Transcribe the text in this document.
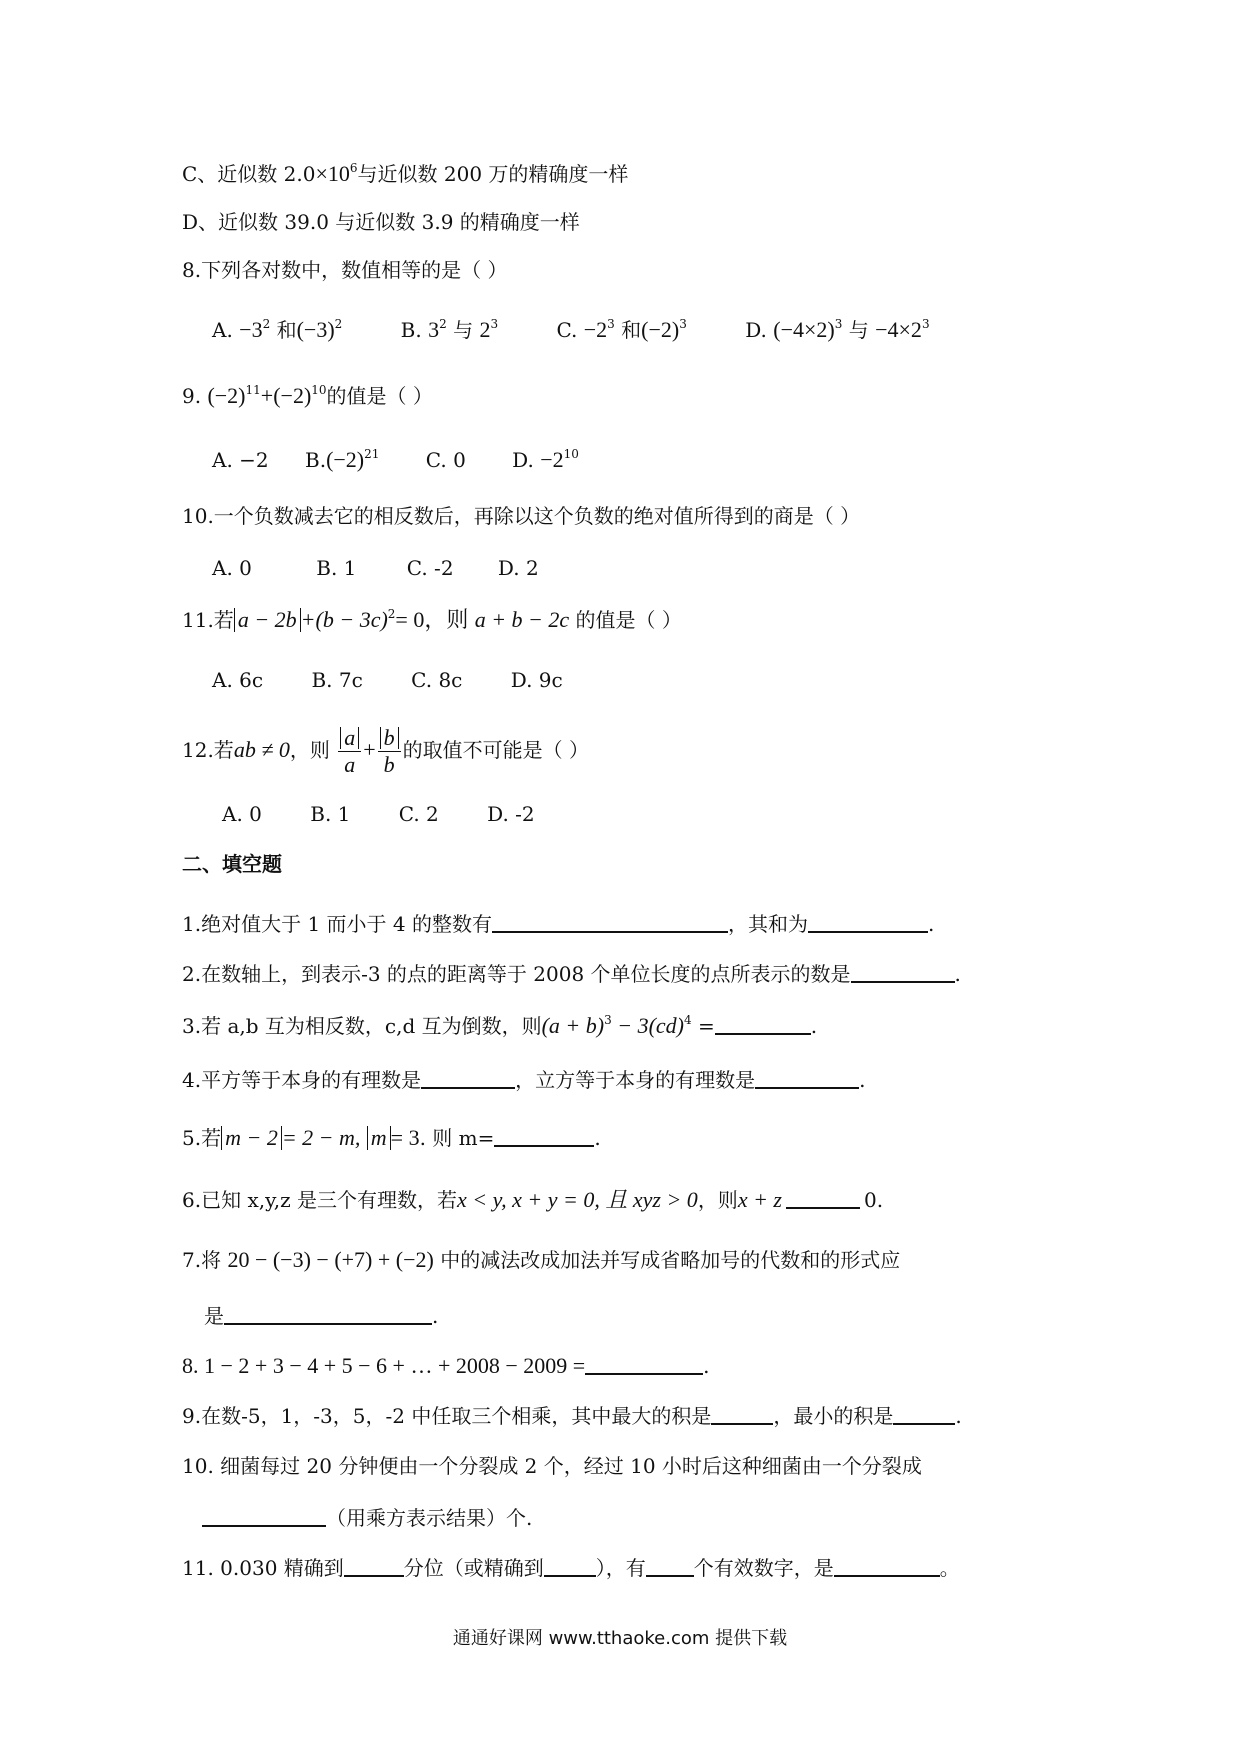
C、近似数 $2.0\times 10^6$与近似数 200 万的精确度一样
D、近似数 39.0 与近似数 3.9 的精确度一样
8.下列各对数中，数值相等的是（ ）
A. $-3^2$ 和$(-3)^2$	B. $3^2$ 与 $2^3$	C. $-2^3$ 和$(-2)^3$	D. $(-4\times 2)^3$ 与 $-4\times 2^3$
9. $(-2)^{11}+(-2)^{10}$的值是（ ）
A. −2 $B.(-2)^{21}$ C. 0 D. $-2^{10}$
10.一个负数减去它的相反数后，再除以这个负数的绝对值所得到的商是（ ）
A. 0	B. 1	C. -2 D. 2
11.若 $a - 2b +(b - 3c)^2= 0$，则 a + b − 2c 的值是（ ）
A. 6c B. 7c C. 8c D. 9c
12.若ab ≠ 0，则 $\frac{a}{a} + \frac{b}{b}$ 的取值不可能是（ ）
A. 0 B. 1 C. 2 D. -2
二、填空题
1.绝对值大于 1 而小于 4 的整数有	，其和为	.
2.在数轴上，到表示-3 的点的距离等于 2008 个单位长度的点所表示的数是	.
3.若 a,b 互为相反数，c,d 互为倒数，则$(a + b)^3 - 3(cd)^4$ =	.
4.平方等于本身的有理数是	，立方等于本身的有理数是	.
5.若 m − 2 = 2 − m, m = 3. 则 m=	.
6.已知 x,y,z 是三个有理数，若x < y, x + y = 0, 且 xyz > 0，则x + z	0.
7.将 20 − (−3) − (+7) + (−2) 中的减法改成加法并写成省略加号的代数和的形式应
是	.
8. 1 − 2 + 3 − 4 + 5 − 6 + … + 2008 − 2009 =	.
9.在数-5，1，-3，5，-2 中任取三个相乘，其中最大的积是	，最小的积是	.
10. 细菌每过 20 分钟便由一个分裂成 2 个，经过 10 小时后这种细菌由一个分裂成
（用乘方表示结果）个.
11. 0.030 精确到	分位（或精确到	），有 个有效数字，是	。
通通好课网 www.tthaoke.com 提供下载
